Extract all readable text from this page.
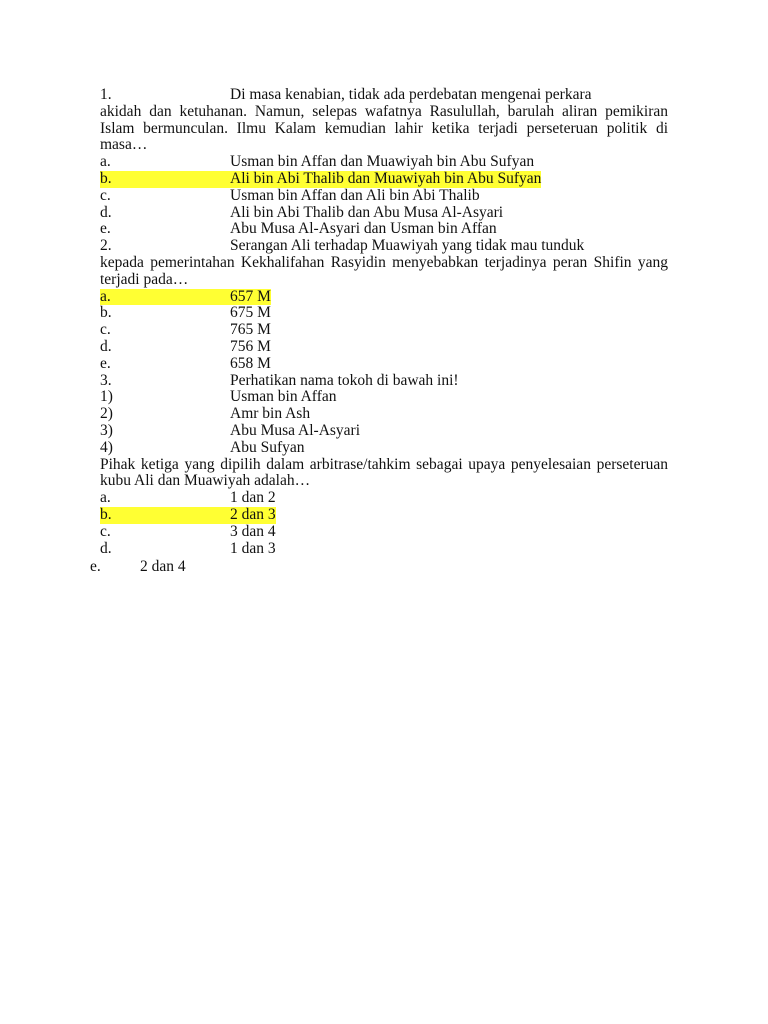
1.	Di masa kenabian, tidak ada perdebatan mengenai perkara

akidah dan ketuhanan. Namun, selepas wafatnya Rasulullah, barulah aliran pemikiran Islam bermunculan. Ilmu Kalam kemudian lahir ketika terjadi perseteruan politik di masa…

a.	Usman bin Affan dan Muawiyah bin Abu Sufyan
b.	Ali bin Abi Thalib dan Muawiyah bin Abu Sufyan
c.	Usman bin Affan dan Ali bin Abi Thalib
d.	Ali bin Abi Thalib dan Abu Musa Al-Asyari
e.	Abu Musa Al-Asyari dan Usman bin Affan
2.	Serangan Ali terhadap Muawiyah yang tidak mau tunduk

kepada pemerintahan Kekhalifahan Rasyidin menyebabkan terjadinya peran Shifin yang terjadi pada…

a.	657 M
b.	675 M
c.	765 M
d.	756 M
e.	658 M
3.	Perhatikan nama tokoh di bawah ini!
1)	Usman bin Affan
2)	Amr bin Ash
3)	Abu Musa Al-Asyari
4)	Abu Sufyan

Pihak ketiga yang dipilih dalam arbitrase/tahkim sebagai upaya penyelesaian perseteruan kubu Ali dan Muawiyah adalah…

a.	1 dan 2
b.	2 dan 3
c.	3 dan 4
d.	1 dan 3
e.	2 dan 4
